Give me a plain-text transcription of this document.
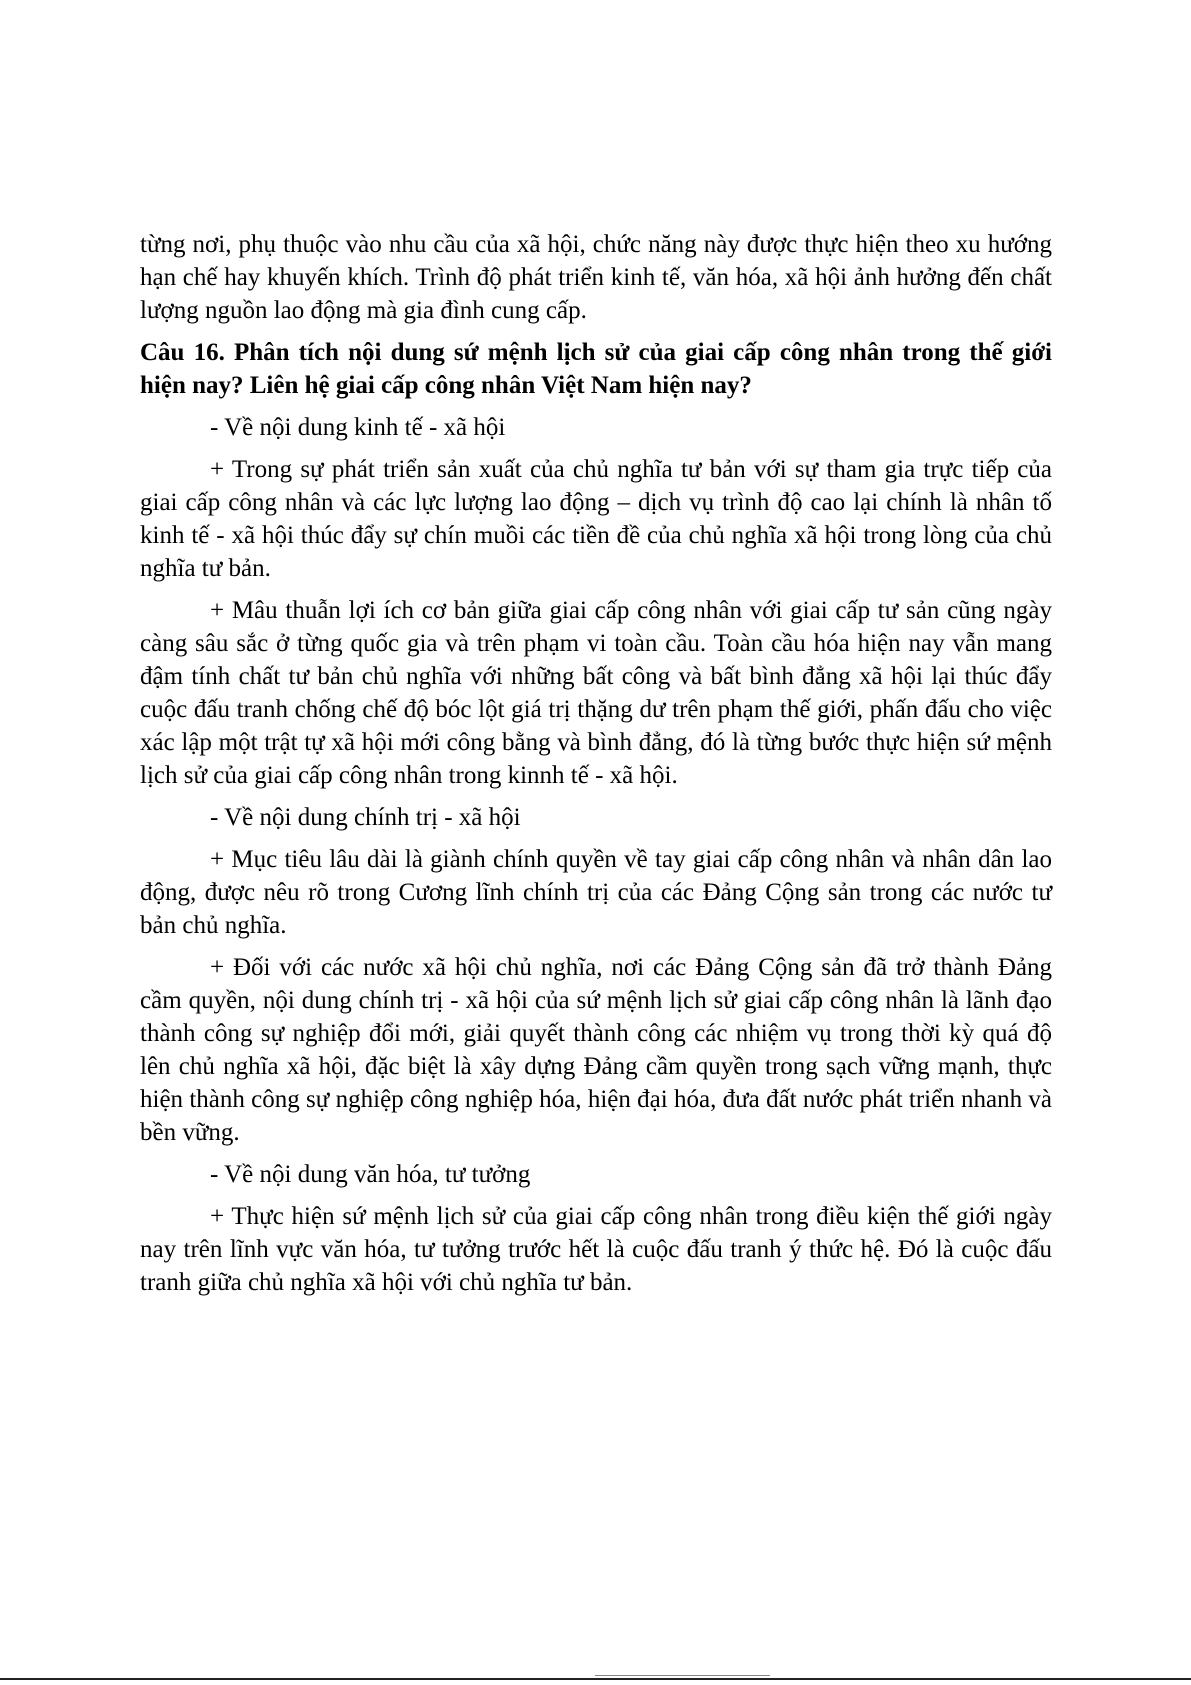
từng nơi, phụ thuộc vào nhu cầu của xã hội, chức năng này được thực hiện theo xu hướng hạn chế hay khuyến khích. Trình độ phát triển kinh tế, văn hóa, xã hội ảnh hưởng đến chất lượng nguồn lao động mà gia đình cung cấp.

Câu 16. Phân tích nội dung sứ mệnh lịch sử của giai cấp công nhân trong thế giới hiện nay? Liên hệ giai cấp công nhân Việt Nam hiện nay?

- Về nội dung kinh tế - xã hội

+ Trong sự phát triển sản xuất của chủ nghĩa tư bản với sự tham gia trực tiếp của giai cấp công nhân và các lực lượng lao động – dịch vụ trình độ cao lại chính là nhân tố kinh tế - xã hội thúc đẩy sự chín muồi các tiền đề của chủ nghĩa xã hội trong lòng của chủ nghĩa tư bản.

+ Mâu thuẫn lợi ích cơ bản giữa giai cấp công nhân với giai cấp tư sản cũng ngày càng sâu sắc ở từng quốc gia và trên phạm vi toàn cầu. Toàn cầu hóa hiện nay vẫn mang đậm tính chất tư bản chủ nghĩa với những bất công và bất bình đẳng xã hội lại thúc đẩy cuộc đấu tranh chống chế độ bóc lột giá trị thặng dư trên phạm thế giới, phấn đấu cho việc xác lập một trật tự xã hội mới công bằng và bình đẳng, đó là từng bước thực hiện sứ mệnh lịch sử của giai cấp công nhân trong kinnh tế - xã hội.

- Về nội dung chính trị - xã hội

+ Mục tiêu lâu dài là giành chính quyền về tay giai cấp công nhân và nhân dân lao động, được nêu rõ trong Cương lĩnh chính trị của các Đảng Cộng sản trong các nước tư bản chủ nghĩa.

+ Đối với các nước xã hội chủ nghĩa, nơi các Đảng Cộng sản đã trở thành Đảng cầm quyền, nội dung chính trị - xã hội của sứ mệnh lịch sử giai cấp công nhân là lãnh đạo thành công sự nghiệp đổi mới, giải quyết thành công các nhiệm vụ trong thời kỳ quá độ lên chủ nghĩa xã hội, đặc biệt là xây dựng Đảng cầm quyền trong sạch vững mạnh, thực hiện thành công sự nghiệp công nghiệp hóa, hiện đại hóa, đưa đất nước phát triển nhanh và bền vững.

- Về nội dung văn hóa, tư tưởng

+ Thực hiện sứ mệnh lịch sử của giai cấp công nhân trong điều kiện thế giới ngày nay trên lĩnh vực văn hóa, tư tưởng trước hết là cuộc đấu tranh ý thức hệ. Đó là cuộc đấu tranh giữa chủ nghĩa xã hội với chủ nghĩa tư bản.
